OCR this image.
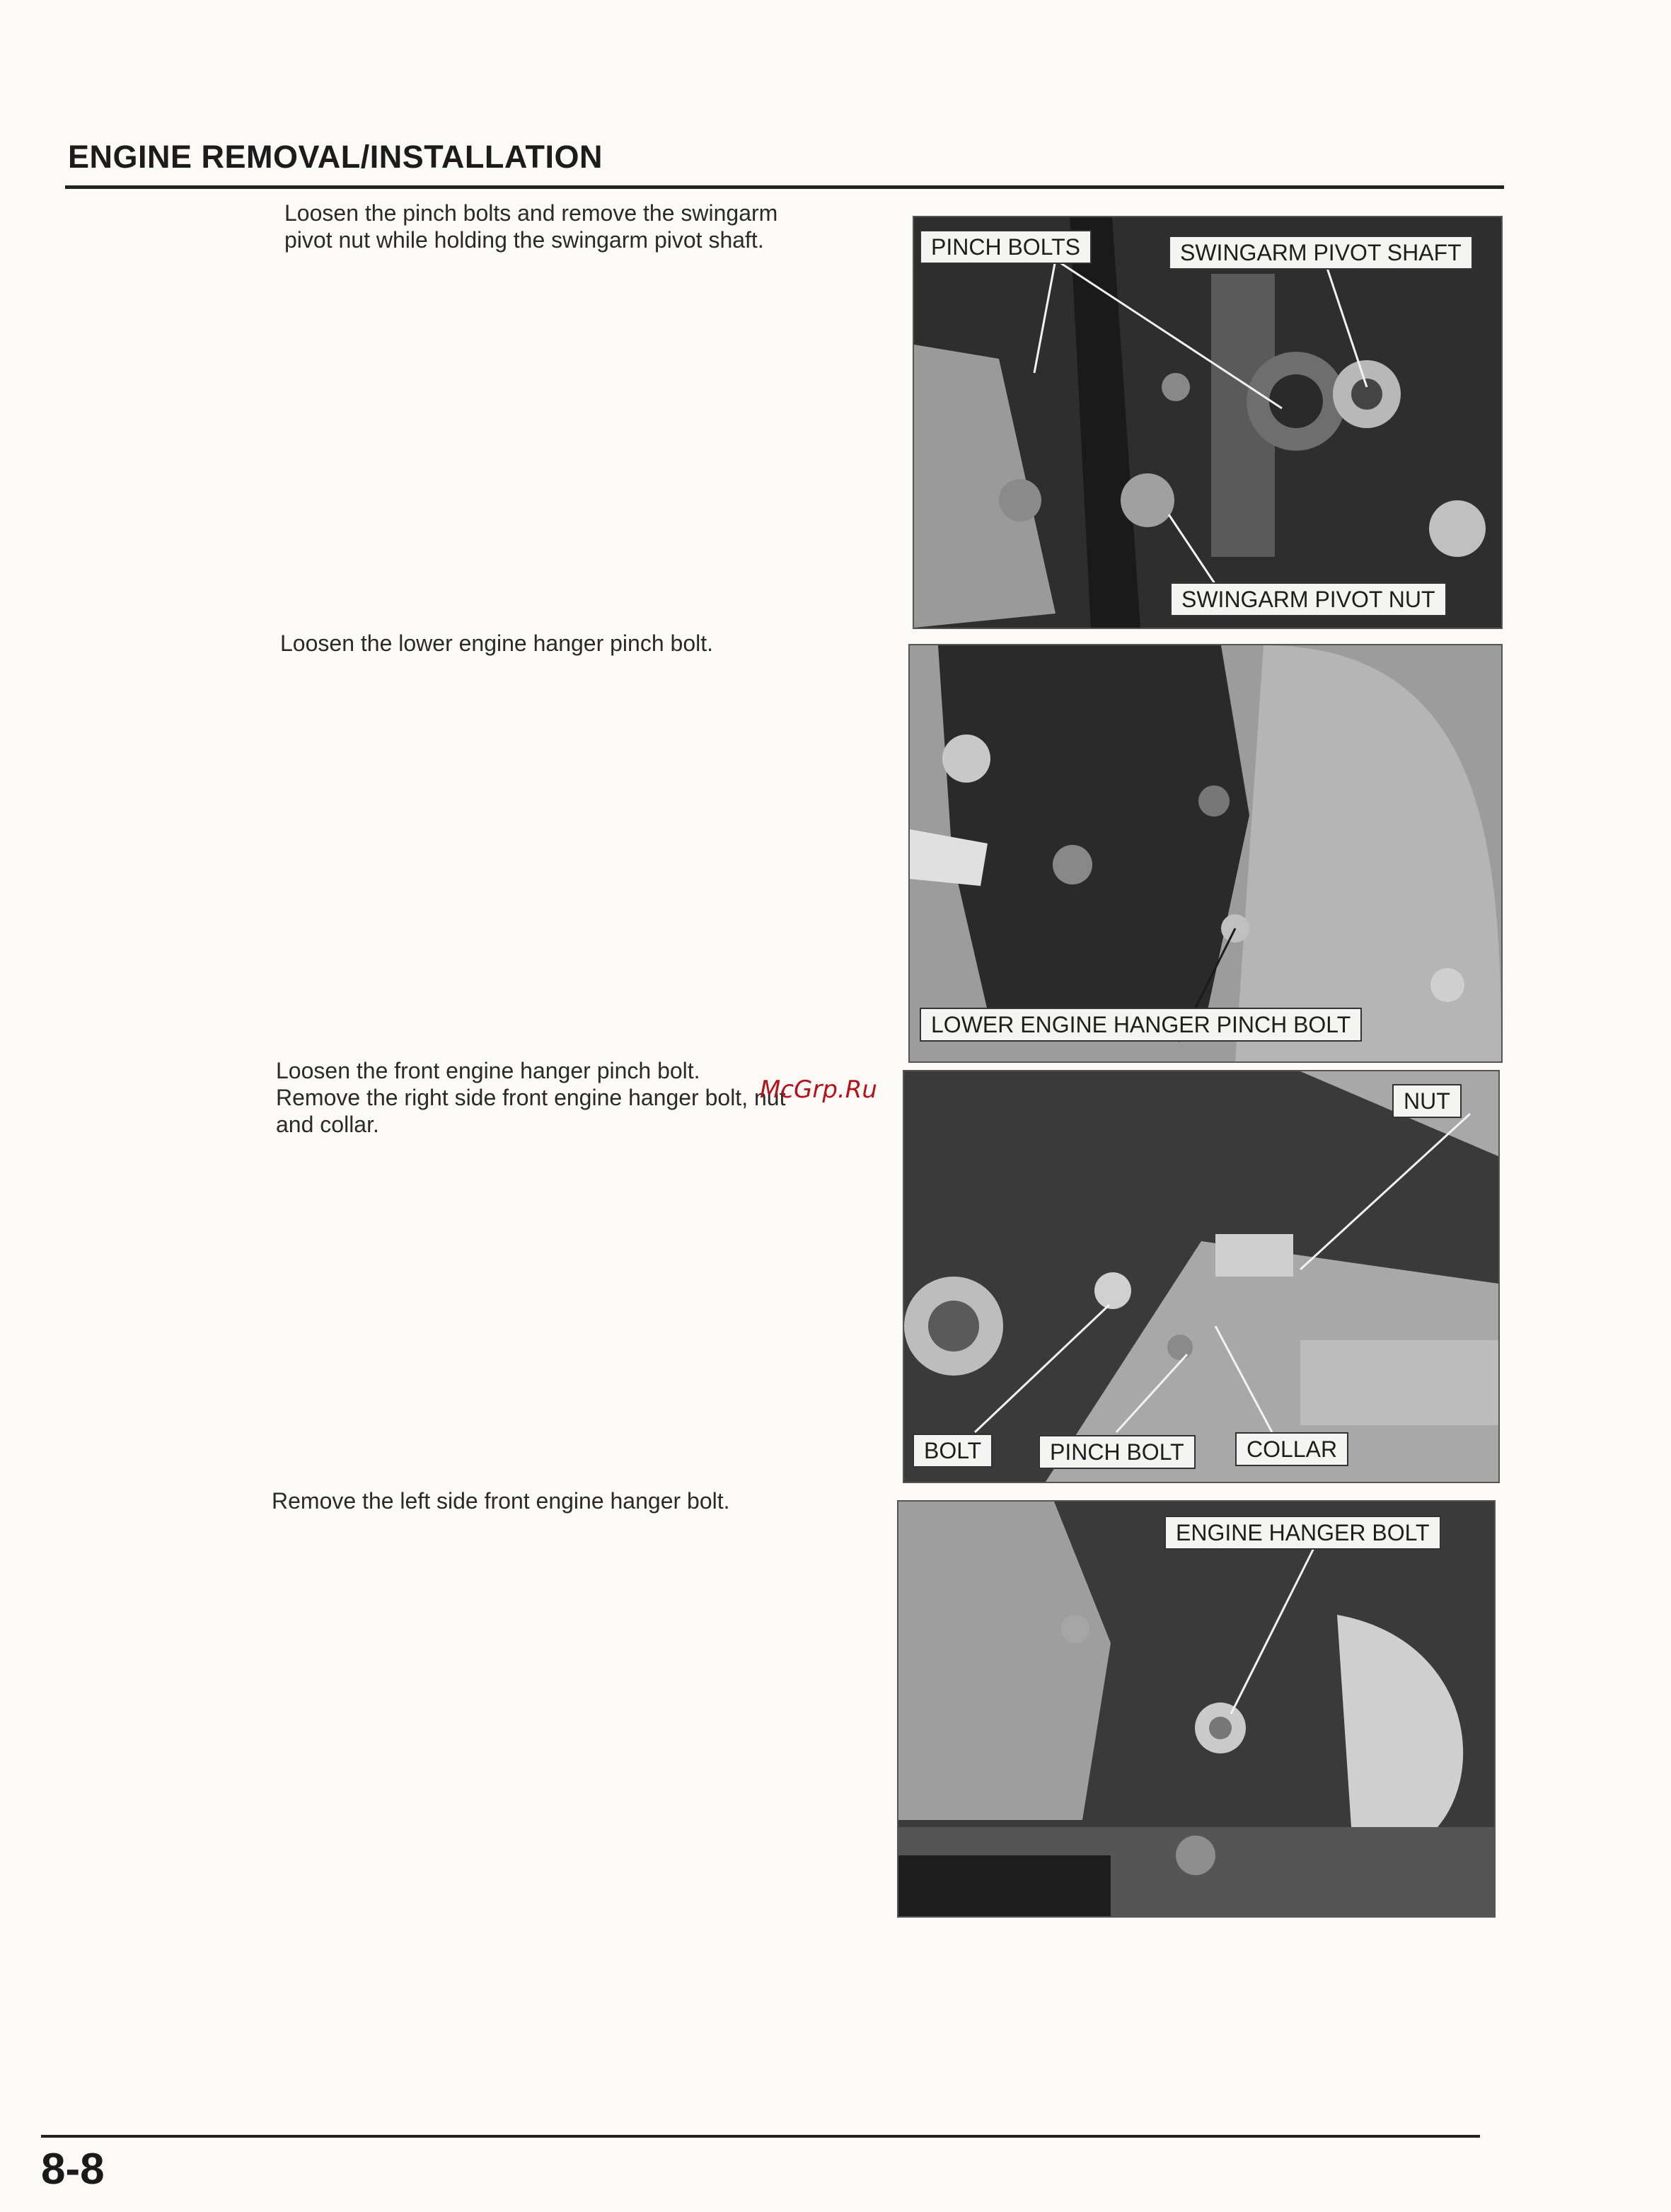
ENGINE REMOVAL/INSTALLATION
Loosen the pinch bolts and remove the swingarm
pivot nut while holding the swingarm pivot shaft.	PINCH BOLTS	SWINGARM PIVOT SHAFT
SWINGARM PIVOT NUT
Loosen the lower engine hanger pinch bolt.
LOWER ENGINE HANGER PINCH BOLT
Loosen the front engine hanger pinch bolt.
Remove the right side front engine hanger bolt, nut
and collar.
McGrp.Ru	NUT
BOLT	PINCH BOLT	COLLAR
Remove the left side front engine hanger bolt.
ENGINE HANGER BOLT
8-8
